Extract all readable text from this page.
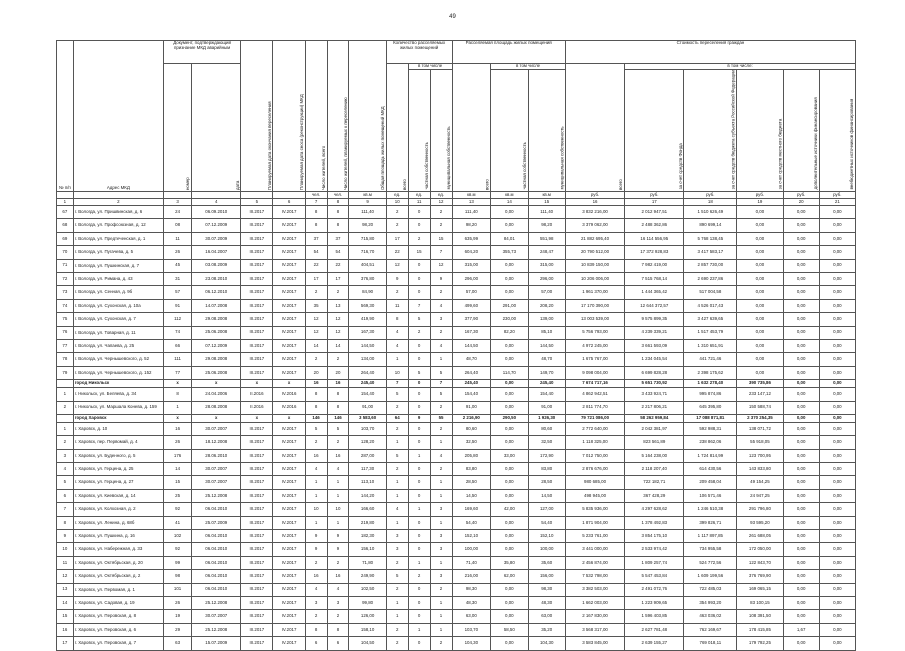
49
№ п/п	Адрес МКД	Документ, подтверждающий признание МКД аварийным		Планируемая дата окончания переселения	Планируемая дата сноса (реконструкции) МКД	Число жителей, всего	Число жителей, планируемых к переселению	Общая площадь жилых помещений МКД	Количество расселяемых жилых помещений			Расселяемая площадь жилых помещений			Стоимость переселения граждан					
		номер	дата						всего	в том числе		всего	в том числе		всего	в том числе:				
										частная собственность	муниципальная собственность		частная собственность	муниципальная собственность		за счет средств Фонда	за счет средств бюджета субъекта Российской Федерации	за счет средств местного бюджета	дополнительные источники финансирования	внебюджетных источников финансирования
						чел.	чел.	кв.м	ед.	ед.	ед.	кв.м	кв.м	кв.м	руб.	руб.	руб.	руб.	руб.	руб.
1	2	3	4	5	6	7	8	9	10	11	12	13	14	15	16	17	18	19	20	21
67	г. Вологда, ул. Пришвинская, д. 6	24	06.09.2010	III.2017	IV.2017	8	8	111,40	2	0	2	111,40	0,00	111,40	3 832 216,00	2 012 947,51	1 510 626,49	0,00	0,00	0,00
68	г. Вологда, ул. Профсоюзная, д. 12	08	07.12.2009	III.2017	IV.2017	8	8	98,20	2	0	2	98,20	0,00	98,20	3 379 062,00	2 488 362,86	890 699,14	0,00	0,00	0,00
69	г. Вологда, ул. Предтеченская, д. 1	11	30.07.2009	III.2017	IV.2017	37	37	715,80	17	2	15	635,99	84,01	551,98	21 882 695,40	16 114 556,95	5 768 138,45	0,00	0,00	0,00
70	г. Вологда, ул. Пугачева, д. 5	26	16.04.2007	III.2017	IV.2017	54	54	716,70	22	15	7	604,20	355,73	248,47	20 790 512,00	17 372 928,83	3 417 583,17	0,00	0,00	0,00
71	г. Вологда, ул. Пушкинская, д. 7	45	03.08.2009	III.2017	IV.2017	22	22	404,51	12	0	12	315,00	0,00	315,00	10 839 150,00	7 982 419,00	2 857 730,00	0,00	0,00	0,00
72	г. Вологда, ул. Римана, д. 43	31	23.08.2010	III.2017	IV.2017	17	17	376,80	9	0	9	296,00	0,00	296,00	10 206 006,00	7 515 768,14	2 690 237,86	0,00	0,00	0,00
73	г. Вологда, ул. Сенная, д. 9б	57	06.12.2010	III.2017	IV.2017	2	2	84,90	2	0	2	57,00	0,00	57,00	1 961 370,00	1 444 365,42	517 004,58	0,00	0,00	0,00
74	г. Вологда, ул. Сухонская, д. 10а	91	14.07.2008	III.2017	IV.2017	35	13	569,30	11	7	4	499,60	291,00	208,20	17 170 390,00	12 644 372,57	4 526 017,43	0,00	0,00	0,00
75	г. Вологда, ул. Сухонская, д. 7	112	29.08.2008	III.2017	IV.2017	12	12	419,90	8	5	3	377,90	230,00	139,00	13 003 539,00	9 575 899,35	3 427 639,65	0,00	0,00	0,00
76	г. Вологда, ул. Товарная, д. 11	74	25.06.2008	III.2017	IV.2017	12	12	167,30	4	2	2	167,30	82,20	85,10	5 756 793,00	4 239 339,21	1 517 453,79	0,00	0,00	0,00
77	г. Вологда, ул. Чапаева, д. 25	66	07.12.2009	III.2017	IV.2017	14	14	144,50	4	0	4	144,50	0,00	144,50	4 972 245,00	3 661 593,09	1 310 651,91	0,00	0,00	0,00
78	г. Вологда, ул. Чернышевского, д. 52	111	29.08.2008	III.2017	IV.2017	2	2	134,00	1	0	1	48,70	0,00	48,70	1 675 767,00	1 234 045,54	441 721,46	0,00	0,00	0,00
79	г. Вологда, ул. Чернышевского, д. 152	77	25.06.2008	III.2017	IV.2017	20	20	264,40	10	5	5	264,40	114,70	149,70	9 098 004,00	6 699 828,28	2 398 175,62	0,00	0,00	0,00
	город Никольск	х	х	х	х	16	16	245,40	7	0	7	245,40	0,00	245,40	7 674 717,16	5 651 730,92	1 632 278,40	390 735,86	0,00	0,00
1	г. Никольск, ул. Беляева, д. 34	8	24.04.2006	II.2016	IV.2016	8	8	154,40	5	0	5	154,40	0,00	154,40	4 862 942,51	3 433 924,71	995 874,86	233 147,12	0,00	0,00
2	г. Никольск, ул. Маршала Конева, д. 159	1	28.08.2008	II.2016	IV.2016	8	8	91,00	2	0	2	91,00	0,00	91,00	2 811 774,70	2 217 806,21	645 395,80	150 588,74	0,00	0,00
	город Харовск	х	х	х	х	146	146	3 583,60	64	9	55	2 216,90	290,50	1 926,30	79 721 086,00	58 262 959,84	17 088 871,81	2 370 254,35	0,00	0,00
1	г. Харовск, д. 10	16	30.07.2007	III.2017	IV.2017	5	5	103,70	2	0	2	80,60	0,00	80,60	2 772 640,00	2 042 381,97	592 988,31	138 071,72	0,00	0,00
2	г. Харовск, пер. Первомай, д. 4	26	18.12.2008	III.2017	IV.2017	2	2	128,20	1	0	1	32,50	0,00	32,50	1 118 325,00	823 561,89	238 862,06	55 918,05	0,00	0,00
3	г. Харовск, ул. Буденного, д. 5	176	28.06.2010	III.2017	IV.2017	16	16	287,00	5	1	4	205,80	33,00	172,90	7 012 750,00	5 164 238,00	1 724 814,99	123 700,95	0,00	0,00
4	г. Харовск, ул. Герцена, д. 25	14	30.07.2007	III.2017	IV.2017	4	4	117,30	2	0	2	83,80	0,00	83,80	2 876 676,00	2 118 207,40	614 430,56	143 833,80	0,00	0,00
5	г. Харовск, ул. Герцена, д. 27	15	30.07.2007	III.2017	IV.2017	1	1	113,10	1	0	1	28,50	0,00	28,50	980 685,00	722 182,71	209 458,04	49 154,25	0,00	0,00
6	г. Харовск, ул. Киевская, д. 14	25	25.12.2008	III.2017	IV.2017	1	1	144,20	1	0	1	14,50	0,00	14,50	498 945,00	367 428,29	106 571,46	24 947,25	0,00	0,00
7	г. Харовск, ул. Колхозная, д. 2	92	06.04.2010	III.2017	IV.2017	10	10	166,60	4	1	3	169,60	42,00	127,00	5 835 936,00	4 297 628,62	1 246 510,38	291 796,80	0,00	0,00
8	г. Харовск, ул. Ленина, д. 68б	41	25.07.2009	III.2017	IV.2017	1	1	219,80	1	0	1	54,40	0,00	54,40	1 871 904,00	1 378 492,83	399 826,71	93 595,20	0,00	0,00
9	г. Харовск, ул. Пушкина, д. 16	102	06.04.2010	III.2017	IV.2017	9	9	182,30	3	0	3	152,10	0,00	152,10	5 233 761,00	3 854 175,10	1 117 897,85	261 688,05	0,00	0,00
10	г. Харовск, ул. Набережная, д. 33	92	06.04.2010	III.2017	IV.2017	9	9	156,10	3	0	3	100,00	0,00	100,00	3 441 000,00	2 533 974,42	734 955,58	172 050,00	0,00	0,00
11	г. Харовск, ул. Октябрьская, д. 20	99	06.04.2010	III.2017	IV.2017	2	2	71,80	2	1	1	71,40	35,80	35,60	2 456 874,00	1 809 257,74	524 772,56	122 843,70	0,00	0,00
12	г. Харовск, ул. Октябрьская, д. 2	98	06.04.2010	III.2017	IV.2017	16	16	249,90	5	2	3	216,00	62,00	156,00	7 532 798,00	5 547 453,84	1 609 199,56	376 769,90	0,00	0,00
13	г. Харовск, ул. Первомая, д. 1	101	06.04.2010	III.2017	IV.2017	4	4	102,50	2	0	2	98,30	0,00	98,30	3 382 503,00	2 491 072,76	722 485,03	169 065,15	0,00	0,00
14	г. Харовск, ул. Садовая, д. 19	26	25.12.2008	III.2017	IV.2017	3	3	99,80	1	0	1	48,30	0,00	48,30	1 662 003,00	1 223 909,65	354 993,20	83 100,15	0,00	0,00
15	г. Харовск, ул. Перовская, д. 8	19	30.07.2007	III.2017	IV.2017	2	2	126,00	1	0	1	63,00	0,00	63,00	2 167 830,00	1 596 403,85	463 036,02	108 391,50	0,00	0,00
16	г. Харовск, ул. Перовская, д. 6	29	25.12.2008	III.2017	IV.2017	8	8	158,10	2	1	1	103,70	58,50	35,20	3 568 317,00	2 627 781,48	762 169,67	178 415,85	1,67	0,00
17	г. Харовск, ул. Перовская, д. 7	63	15.07.2009	III.2017	IV.2017	6	6	104,50	2	0	2	104,30	0,00	104,30	3 583 845,00	2 639 155,27	769 018,11	179 792,25	0,00	0,00
